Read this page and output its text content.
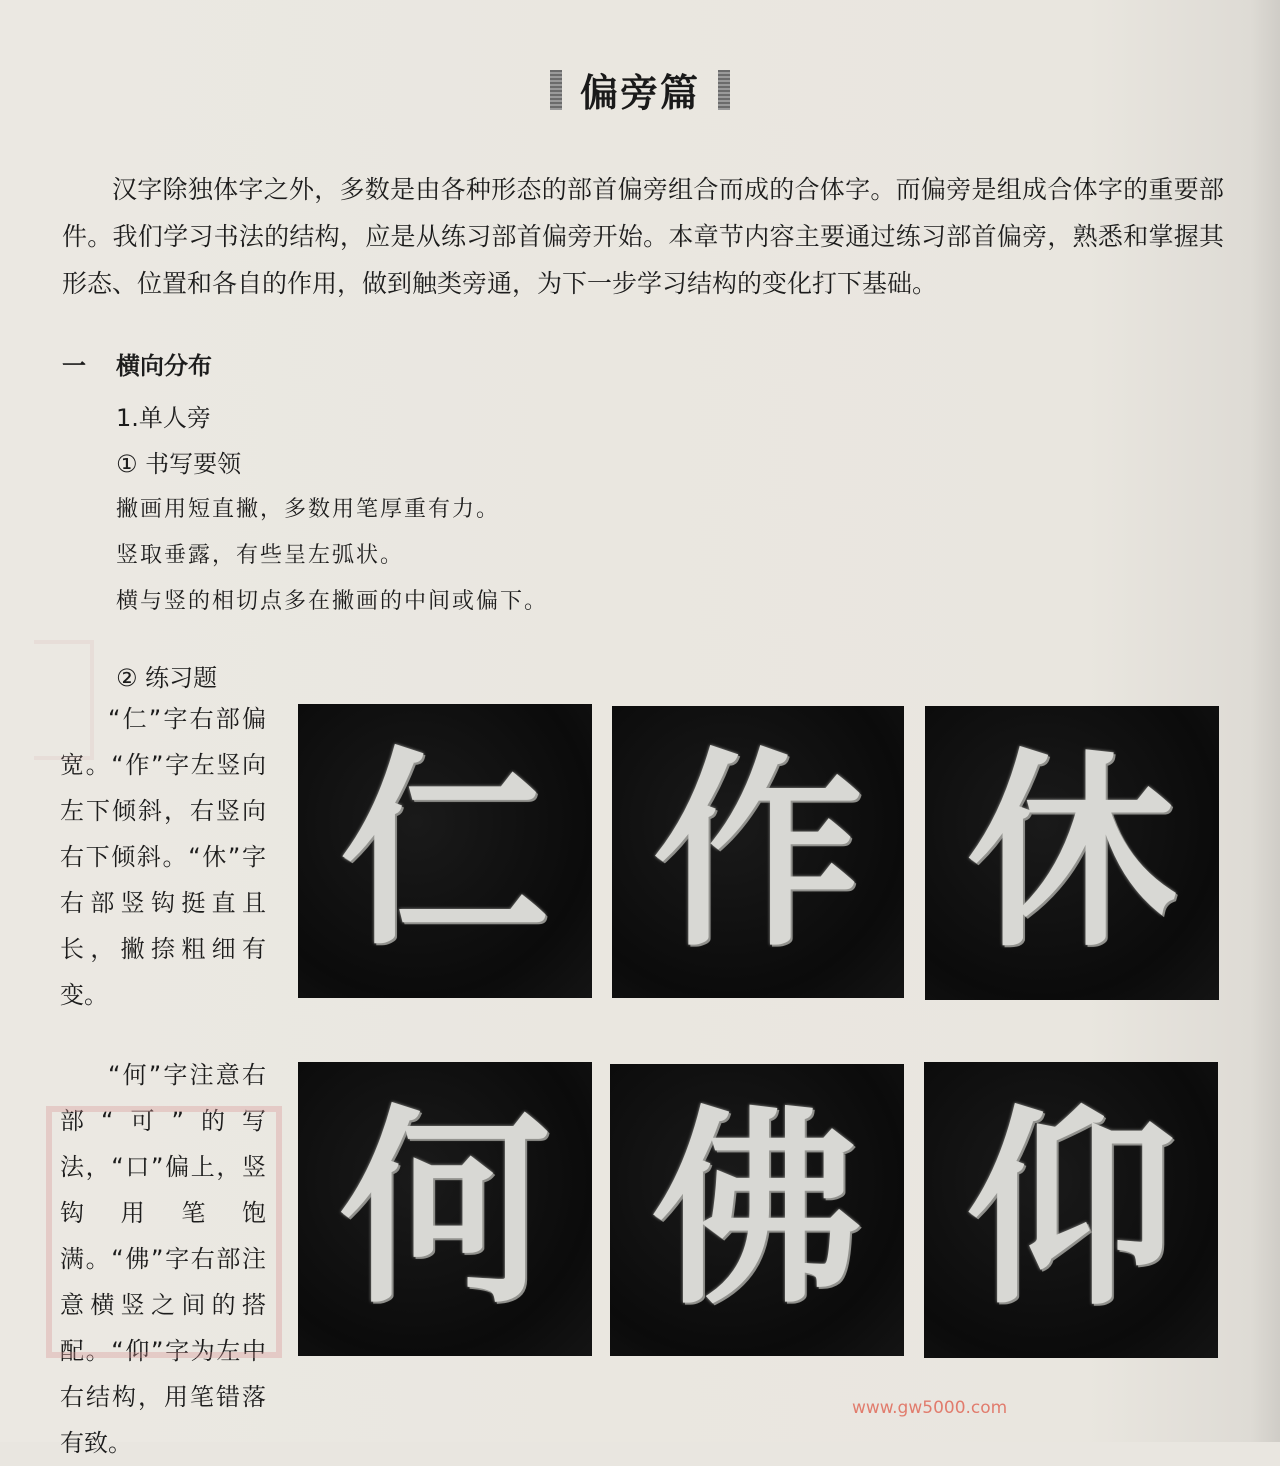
偏旁篇

汉字除独体字之外，多数是由各种形态的部首偏旁组合而成的合体字。而偏旁是组成合体字的重要部件。我们学习书法的结构，应是从练习部首偏旁开始。本章节内容主要通过练习部首偏旁，熟悉和掌握其形态、位置和各自的作用，做到触类旁通，为下一步学习结构的变化打下基础。

一 横向分布
1.单人旁
① 书写要领
撇画用短直撇，多数用笔厚重有力。
竖取垂露，有些呈左弧状。
横与竖的相切点多在撇画的中间或偏下。
② 练习题

“仁”字右部偏宽。“作”字左竖向左下倾斜，右竖向右下倾斜。“休”字右部竖钩挺直且长，撇捺粗细有变。

“何”字注意右部“可”的写法，“口”偏上，竖钩用笔饱满。“佛”字右部注意横竖之间的搭配。“仰”字为左中右结构，用笔错落有致。

仁 作 休
何 佛 仰
www.gw5000.com
